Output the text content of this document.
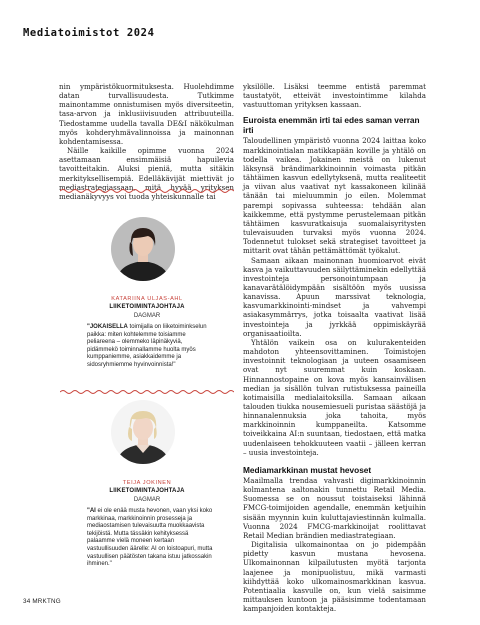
Mediatoimistot 2024

nin ympäristökuormituksesta. Huolehdimme datan turvallisuudesta. Tutkimme mainontamme onnistumisen myös diversiteetin, tasa-arvon ja inklusiivisuuden attribuuteilla. Tiedostamme uudella tavalla DE&I näkökulman myös kohderyhmävalinnoissa ja mainonnan kohdentamisessa.

Näille kaikille opimme vuonna 2024 asettamaan ensimmäisiä hapuilevia tavoitteitakin. Aluksi pieniä, mutta sitäkin merkityksellisempiä. Edelläkävijät miettivät jo mediastrategiassaan, mitä hyvää yrityksen medianäkyvyys voi tuoda yhteiskunnalle tai

KATARIINA ULJAS-AHL
LIIKETOIMINTAJOHTAJA
DAGMAR
"JOKAISELLA toimijalla on liiketoiminkselun paikka: miten kohtelemme toisiamme peliareena – olemmeko läpinäkyviä, pidämmekö toiminnallamme huolta myös kumppaniemme, asiakkaidemme ja sidosryhmiemme hyvinvoinnista!"
TEIJA JOKINEN
LIIKETOIMINTAJOHTAJA
DAGMAR
"AI ei ole enää musta hevonen, vaan yksi koko markkinaa, markkinoinnin prosesseja ja mediaostamisen tulevaisuutta muokkaavista tekijöistä. Mutta tässäkin kehityksessä palaamme vielä moneen kertaan vastuullisuuden äärelle: AI on loistoapuri, mutta vastuullisen päätösten takana istuu jatkossakin ihminen."

yksilölle. Lisäksi teemme entistä paremmat taustatyöt, etteivät investointimme kilahda vastuuttoman yrityksen kassaan.

Euroista enemmän irti tai edes saman verran irti

Taloudellinen ympäristö vuonna 2024 laittaa koko markkinointialan matikkapään koville ja yhtälö on todella vaikea. Jokainen meistä on lukenut läksynsä brändimarkkinoinnin voimasta pitkän tähtäimen kasvun edellytyksenä, mutta realiteetit ja viivan alus vaativat nyt kassakoneen kilinää tänään tai mieluummin jo eilen. Molemmat parempi sopivassa suhteessa: tehdään alan kaikkemme, että pystymme perustelemaan pitkän tähtäimen kasvuratkaisuja suomalaisyritysten tulevaisuuden turvaksi myös vuonna 2024. Todennetut tulokset sekä strategiset tavoitteet ja mittarit ovat tähän pettämättömät työkalut.

Samaan aikaan mainonnan huomioarvot eivät kasva ja vaikuttavuuden säilyttäminekin edellyttää investointeja personointumpaan ja kanavarätälöidympään sisältöön myös uusissa kanavissa. Apuun marssivat teknologia, kasvumarkkinointi-mindset ja vahvempi asiakasymmärrys, jotka toisaalta vaativat lisää investointeja ja jyrkkää oppimiskäyrää organisaatioilta.

Yhtälön vaikein osa on kulurakenteiden mahdoton yhteensovittaminen. Toimistojen investoinnit teknologiaan ja uuteen osaamiseen ovat nyt suuremmat kuin koskaan. Hinnannostopaine on kova myös kansainvälisen median ja sisällön tulvan rutistuksessa paineilla kotimaisilla medialaitoksilla. Samaan aikaan talouden tiukka nousemiesueli puristaa säästöjä ja hinnanalennuksia joka tahoita, myös markkinoinnin kumppaneilta. Katsomme toiveikkaina AI:n suuntaan, tiedostaen, että matka uudenlaiseen tehokkuuteen vaatii – jälleen kerran – uusia investointeja.

Mediamarkkinan mustat hevoset

Maailmalla trendaa vahvasti digimarkkinoinnin kolmantena aaltonakin tunnettu Retail Media. Suomessa se on noussut toistaiseksi lähinnä FMCG-toimijoiden agendalle, enemmän ketjuihin sisään myynnin kuin kuluttajaviestinnän kulmalla. Vuonna 2024 FMCG-markkinoijat roolittavat Retail Median brändien mediastrategiaan.

Digitalisia ulkomainontaa on jo pidempään pidetty kasvun mustana hevosena. Ulkomainonnan kilpailutusten myötä tarjonta laajenee ja monipuolistuu, mikä varmasti kiihdyttää koko ulkomainosmarkkinan kasvua. Potentiaalia kasvulle on, kun vielä saisimme mittauksen kuntoon ja pääsisimme todentamaan kampanjoiden kontakteja.

34 MRKTNG
